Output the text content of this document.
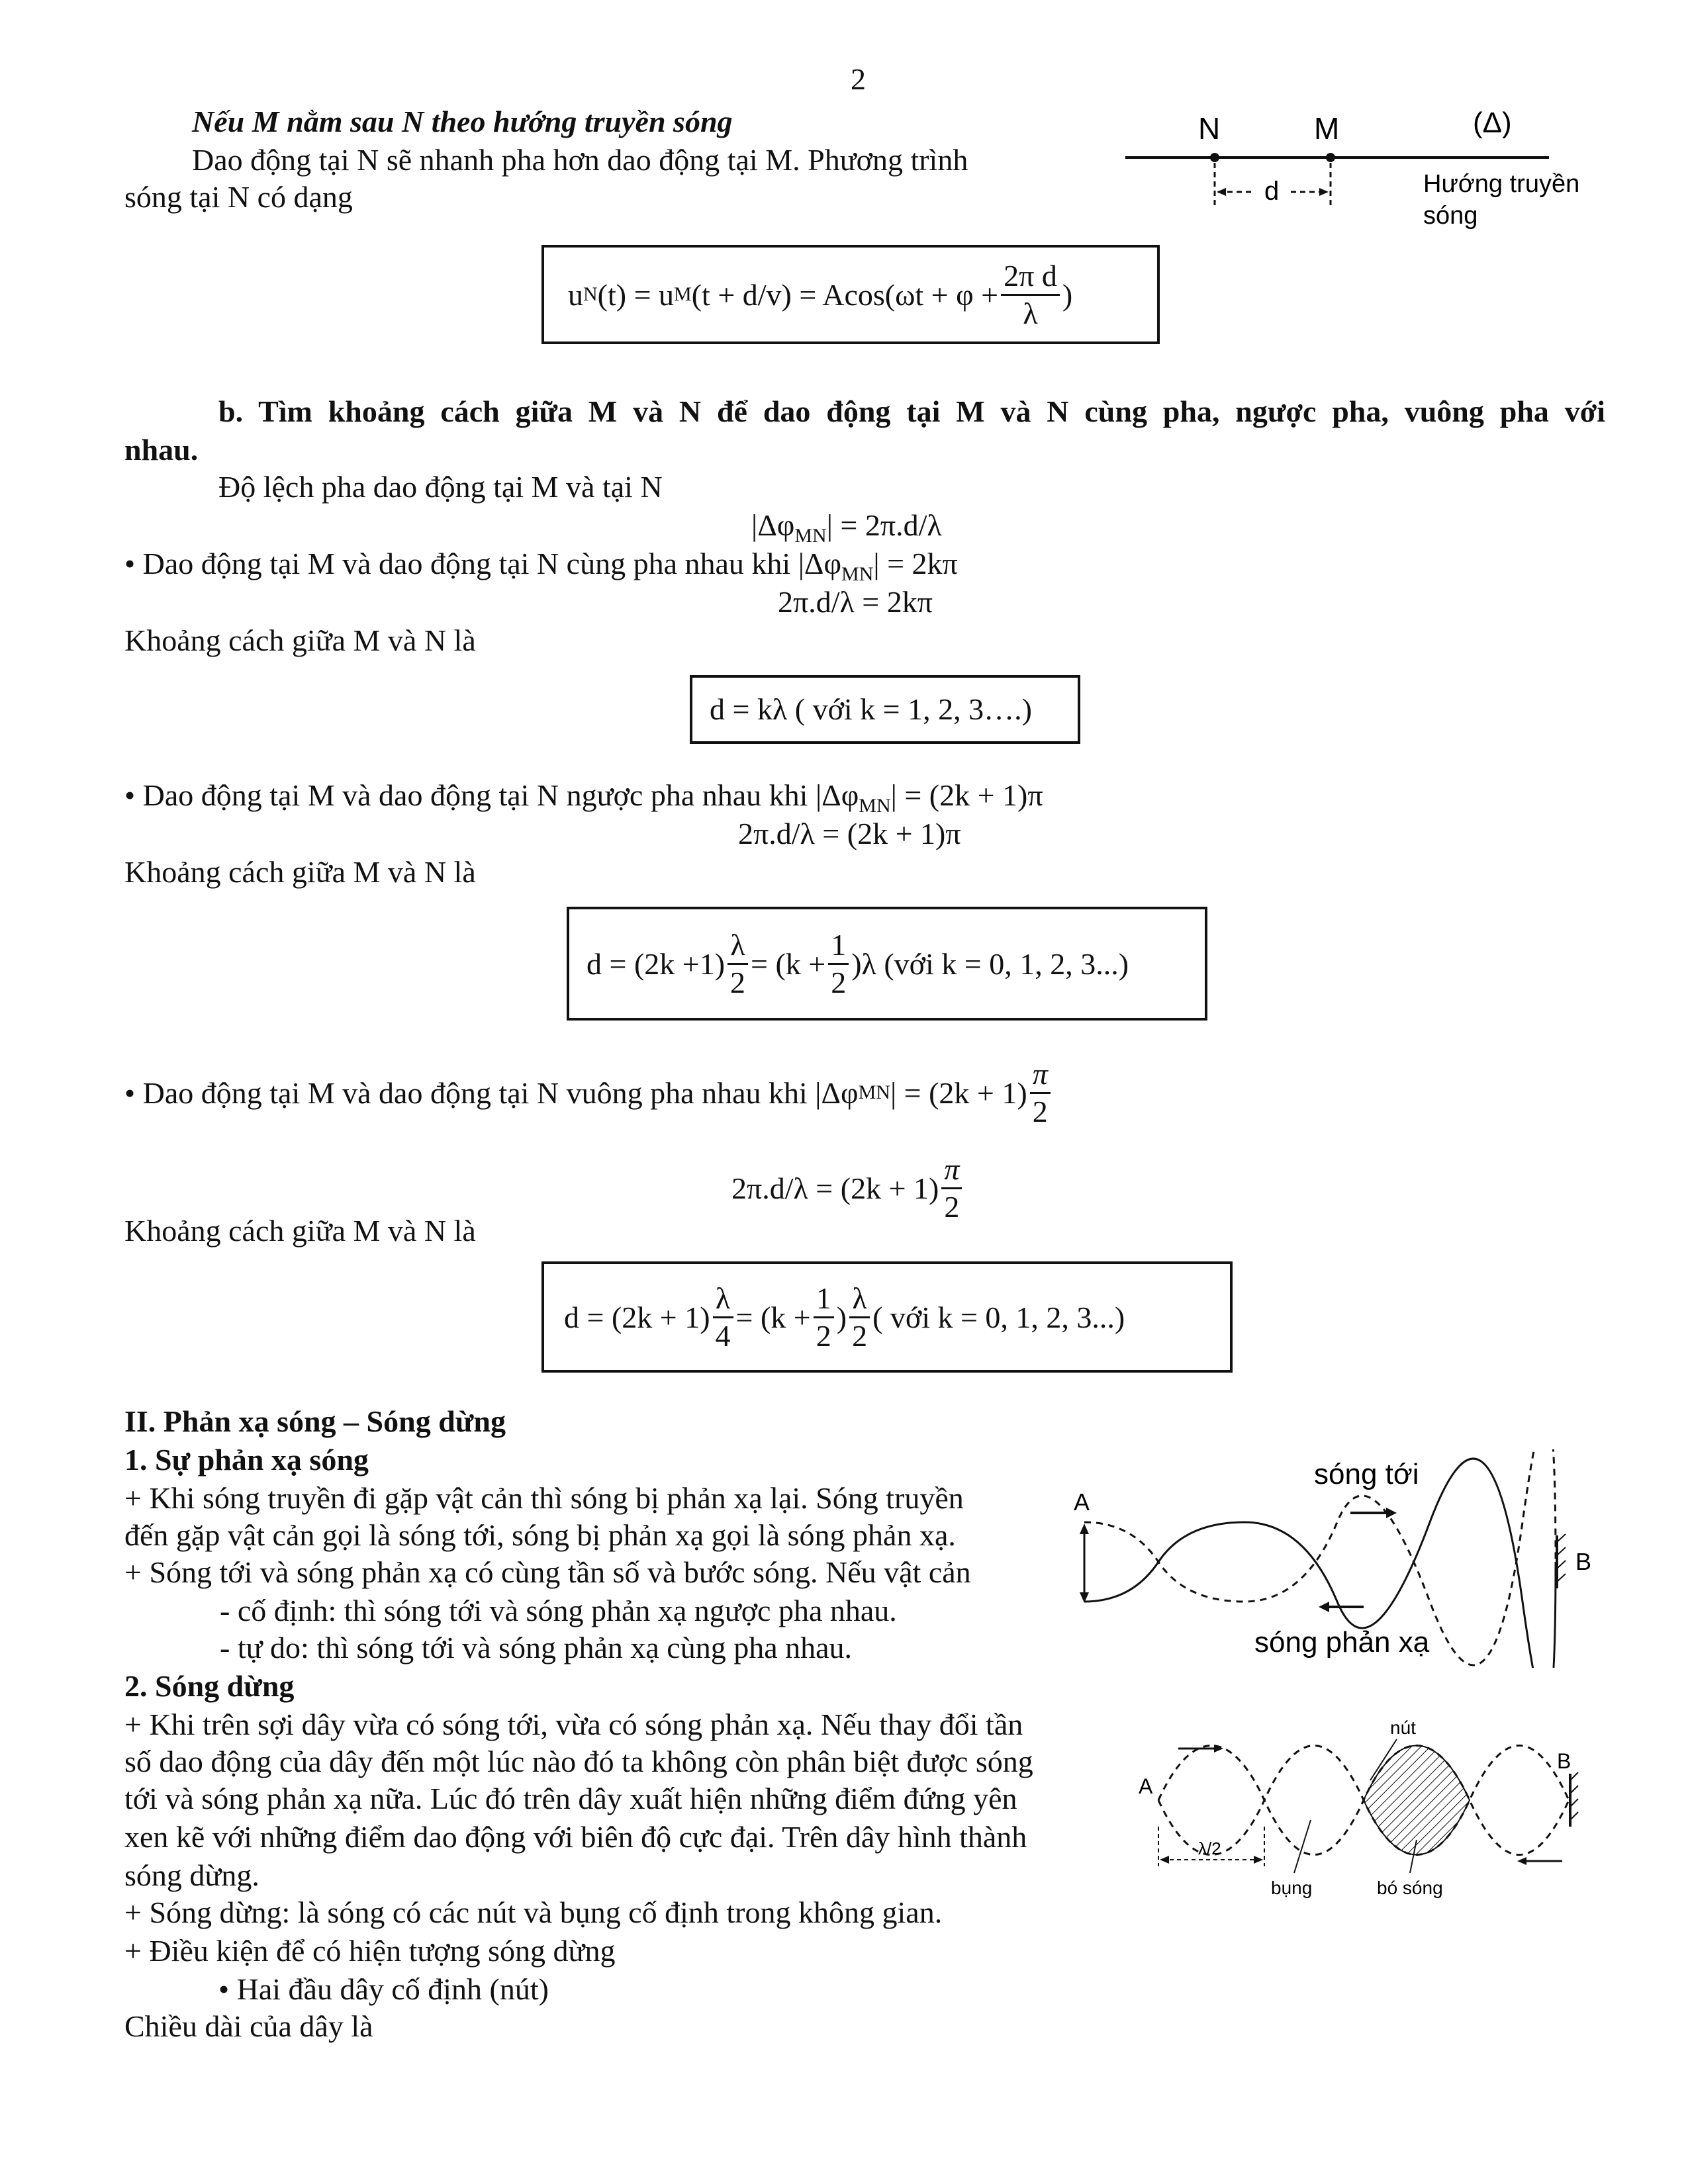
2
Nếu M nằm sau N theo hướng truyền sóng
Dao động tại N sẽ nhanh pha hơn dao động tại M. Phương trình
sóng tại N có dạng
N	M	(Δ)
d	Hướng truyền
sóng
u N (t) = u M $(t + d/v) = Acos(\omega t + \varphi + \frac{\text{2π d}}{\lambda}$ )
b. Tìm khoảng cách giữa M và N để dao động tại M và N cùng pha, ngược pha, vuông pha với
nhau.
Độ lệch pha dao động tại M và tại N
$|\Delta\varphi_{MN}| = 2\pi.d/\lambda$
• Dao động tại M và dao động tại N cùng pha nhau khi $|\Delta\varphi_{MN}| = 2k\pi$
2π.d/λ = 2kπ
Khoảng cách giữa M và N là
d = kλ ( với k = 1, 2, 3….)
• Dao động tại M và dao động tại N ngược pha nhau khi $|\Delta\varphi_{MN}| = (2k + 1)\pi$
2π.d/λ = (2k + 1)π
Khoảng cách giữa M và N là
$d = (2k +1) \frac{\lambda}{2} = (k + \frac{1}{2} )\lambda$ (với k = 0, 1, 2, 3...)
•
Dao động tại M và dao động tại N vuông pha nhau khi |Δφ MN | = $(2k + 1) \frac{\pi}{2}$
$2\pi.d/\lambda = (2k + 1) \frac{\pi}{2}$
Khoảng cách giữa M và N là
$d = (2k + 1) \frac{\lambda}{4} = (k + \frac{1}{2}$ ) $\frac{\lambda}{2}$ ( với k = 0, 1, 2, 3...)
II. Phản xạ sóng – Sóng dừng
1. Sự phản xạ sóng
+ Khi sóng truyền đi gặp vật cản thì sóng bị phản xạ lại. Sóng truyền
đến gặp vật cản gọi là sóng tới, sóng bị phản xạ gọi là sóng phản xạ.
+ Sóng tới và sóng phản xạ có cùng tần số và bước sóng. Nếu vật cản
- cố định: thì sóng tới và sóng phản xạ ngược pha nhau.
- tự do: thì sóng tới và sóng phản xạ cùng pha nhau.
sóng tới
A
B
sóng phản xạ
2. Sóng dừng
+ Khi trên sợi dây vừa có sóng tới, vừa có sóng phản xạ. Nếu thay đổi tần
số dao động của dây đến một lúc nào đó ta không còn phân biệt được sóng
tới và sóng phản xạ nữa. Lúc đó trên dây xuất hiện những điểm đứng yên
xen kẽ với những điểm dao động với biên độ cực đại. Trên dây hình thành
sóng dừng.
+ Sóng dừng: là sóng có các nút và bụng cố định trong không gian.
+ Điều kiện để có hiện tượng sóng dừng
• Hai đầu dây cố định (nút)
Chiều dài của dây là
nút
A
B
λ/2
bụng	bó sóng
